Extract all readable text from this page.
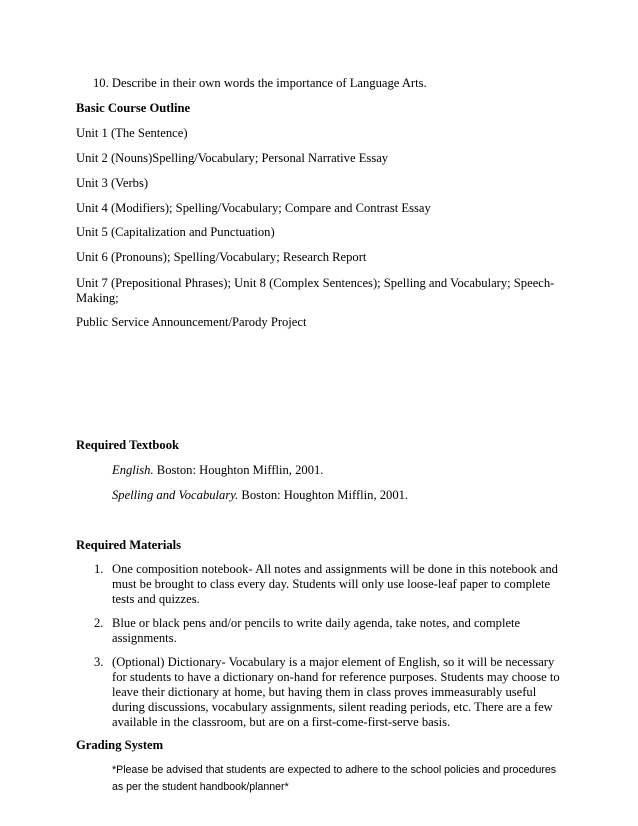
10. Describe in their own words the importance of Language Arts.
Basic Course Outline
Unit 1 (The Sentence)
Unit 2 (Nouns)Spelling/Vocabulary; Personal Narrative Essay
Unit 3 (Verbs)
Unit 4 (Modifiers); Spelling/Vocabulary; Compare and Contrast Essay
Unit 5 (Capitalization and Punctuation)
Unit 6 (Pronouns); Spelling/Vocabulary; Research Report
Unit 7 (Prepositional Phrases); Unit 8 (Complex Sentences); Spelling and Vocabulary; Speech-Making;
Public Service Announcement/Parody Project
Required Textbook
English. Boston: Houghton Mifflin, 2001.
Spelling and Vocabulary. Boston: Houghton Mifflin, 2001.
Required Materials
1. One composition notebook- All notes and assignments will be done in this notebook and must be brought to class every day. Students will only use loose-leaf paper to complete tests and quizzes.
2. Blue or black pens and/or pencils to write daily agenda, take notes, and complete assignments.
3. (Optional) Dictionary- Vocabulary is a major element of English, so it will be necessary for students to have a dictionary on-hand for reference purposes. Students may choose to leave their dictionary at home, but having them in class proves immeasurably useful during discussions, vocabulary assignments, silent reading periods, etc. There are a few available in the classroom, but are on a first-come-first-serve basis.
Grading System
*Please be advised that students are expected to adhere to the school policies and procedures as per the student handbook/planner*
